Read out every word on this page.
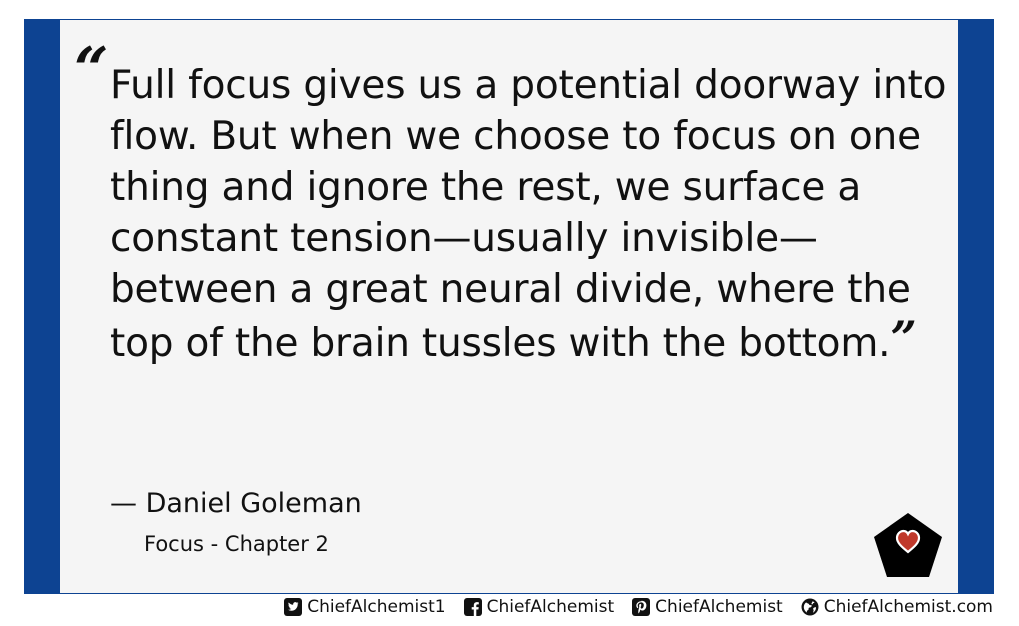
“ Full focus gives us a potential doorway into flow. But when we choose to focus on one thing and ignore the rest, we surface a constant tension—usually invisible—between a great neural divide, where the top of the brain tussles with the bottom.”

— Daniel Goleman
Focus - Chapter 2
ChiefAlchemist1 ChiefAlchemist ChiefAlchemist ChiefAlchemist.com
